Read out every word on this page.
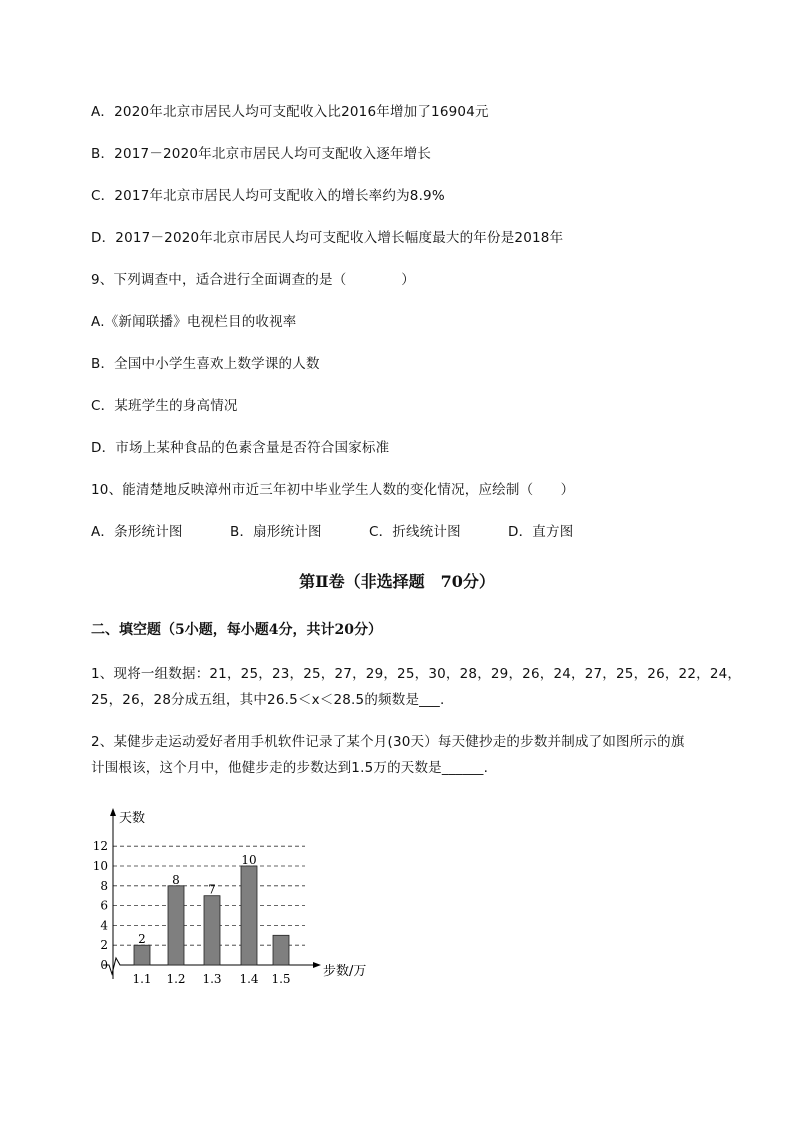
A．2020年北京市居民人均可支配收入比2016年增加了16904元
B．2017－2020年北京市居民人均可支配收入逐年增长
C．2017年北京市居民人均可支配收入的增长率约为8.9%
D．2017－2020年北京市居民人均可支配收入增长幅度最大的年份是2018年
9、下列调查中，适合进行全面调查的是（　　　　）
A.《新闻联播》电视栏目的收视率
B．全国中小学生喜欢上数学课的人数
C．某班学生的身高情况
D．市场上某种食品的色素含量是否符合国家标准
10、能清楚地反映漳州市近三年初中毕业学生人数的变化情况，应绘制（　　）
A．条形统计图	B．扇形统计图	C．折线统计图	D．直方图
第Ⅱ卷（非选择题　70分）
二、填空题（5小题，每小题4分，共计20分）
1、现将一组数据：21，25，23，25，27，29，25，30，28，29，26，24，27，25，26，22，24，
25，26，28分成五组，其中26.5＜x＜28.5的频数是___.
2、某健步走运动爱好者用手机软件记录了某个月(30天）每天健抄走的步数并制成了如图所示的旗
计围根该，这个月中，他健步走的步数达到1.5万的天数是______.
0
2
4
6
8
10
12
天数
步数/万
2
1.1
8
1.2
7
1.3
10
1.4 1.5
